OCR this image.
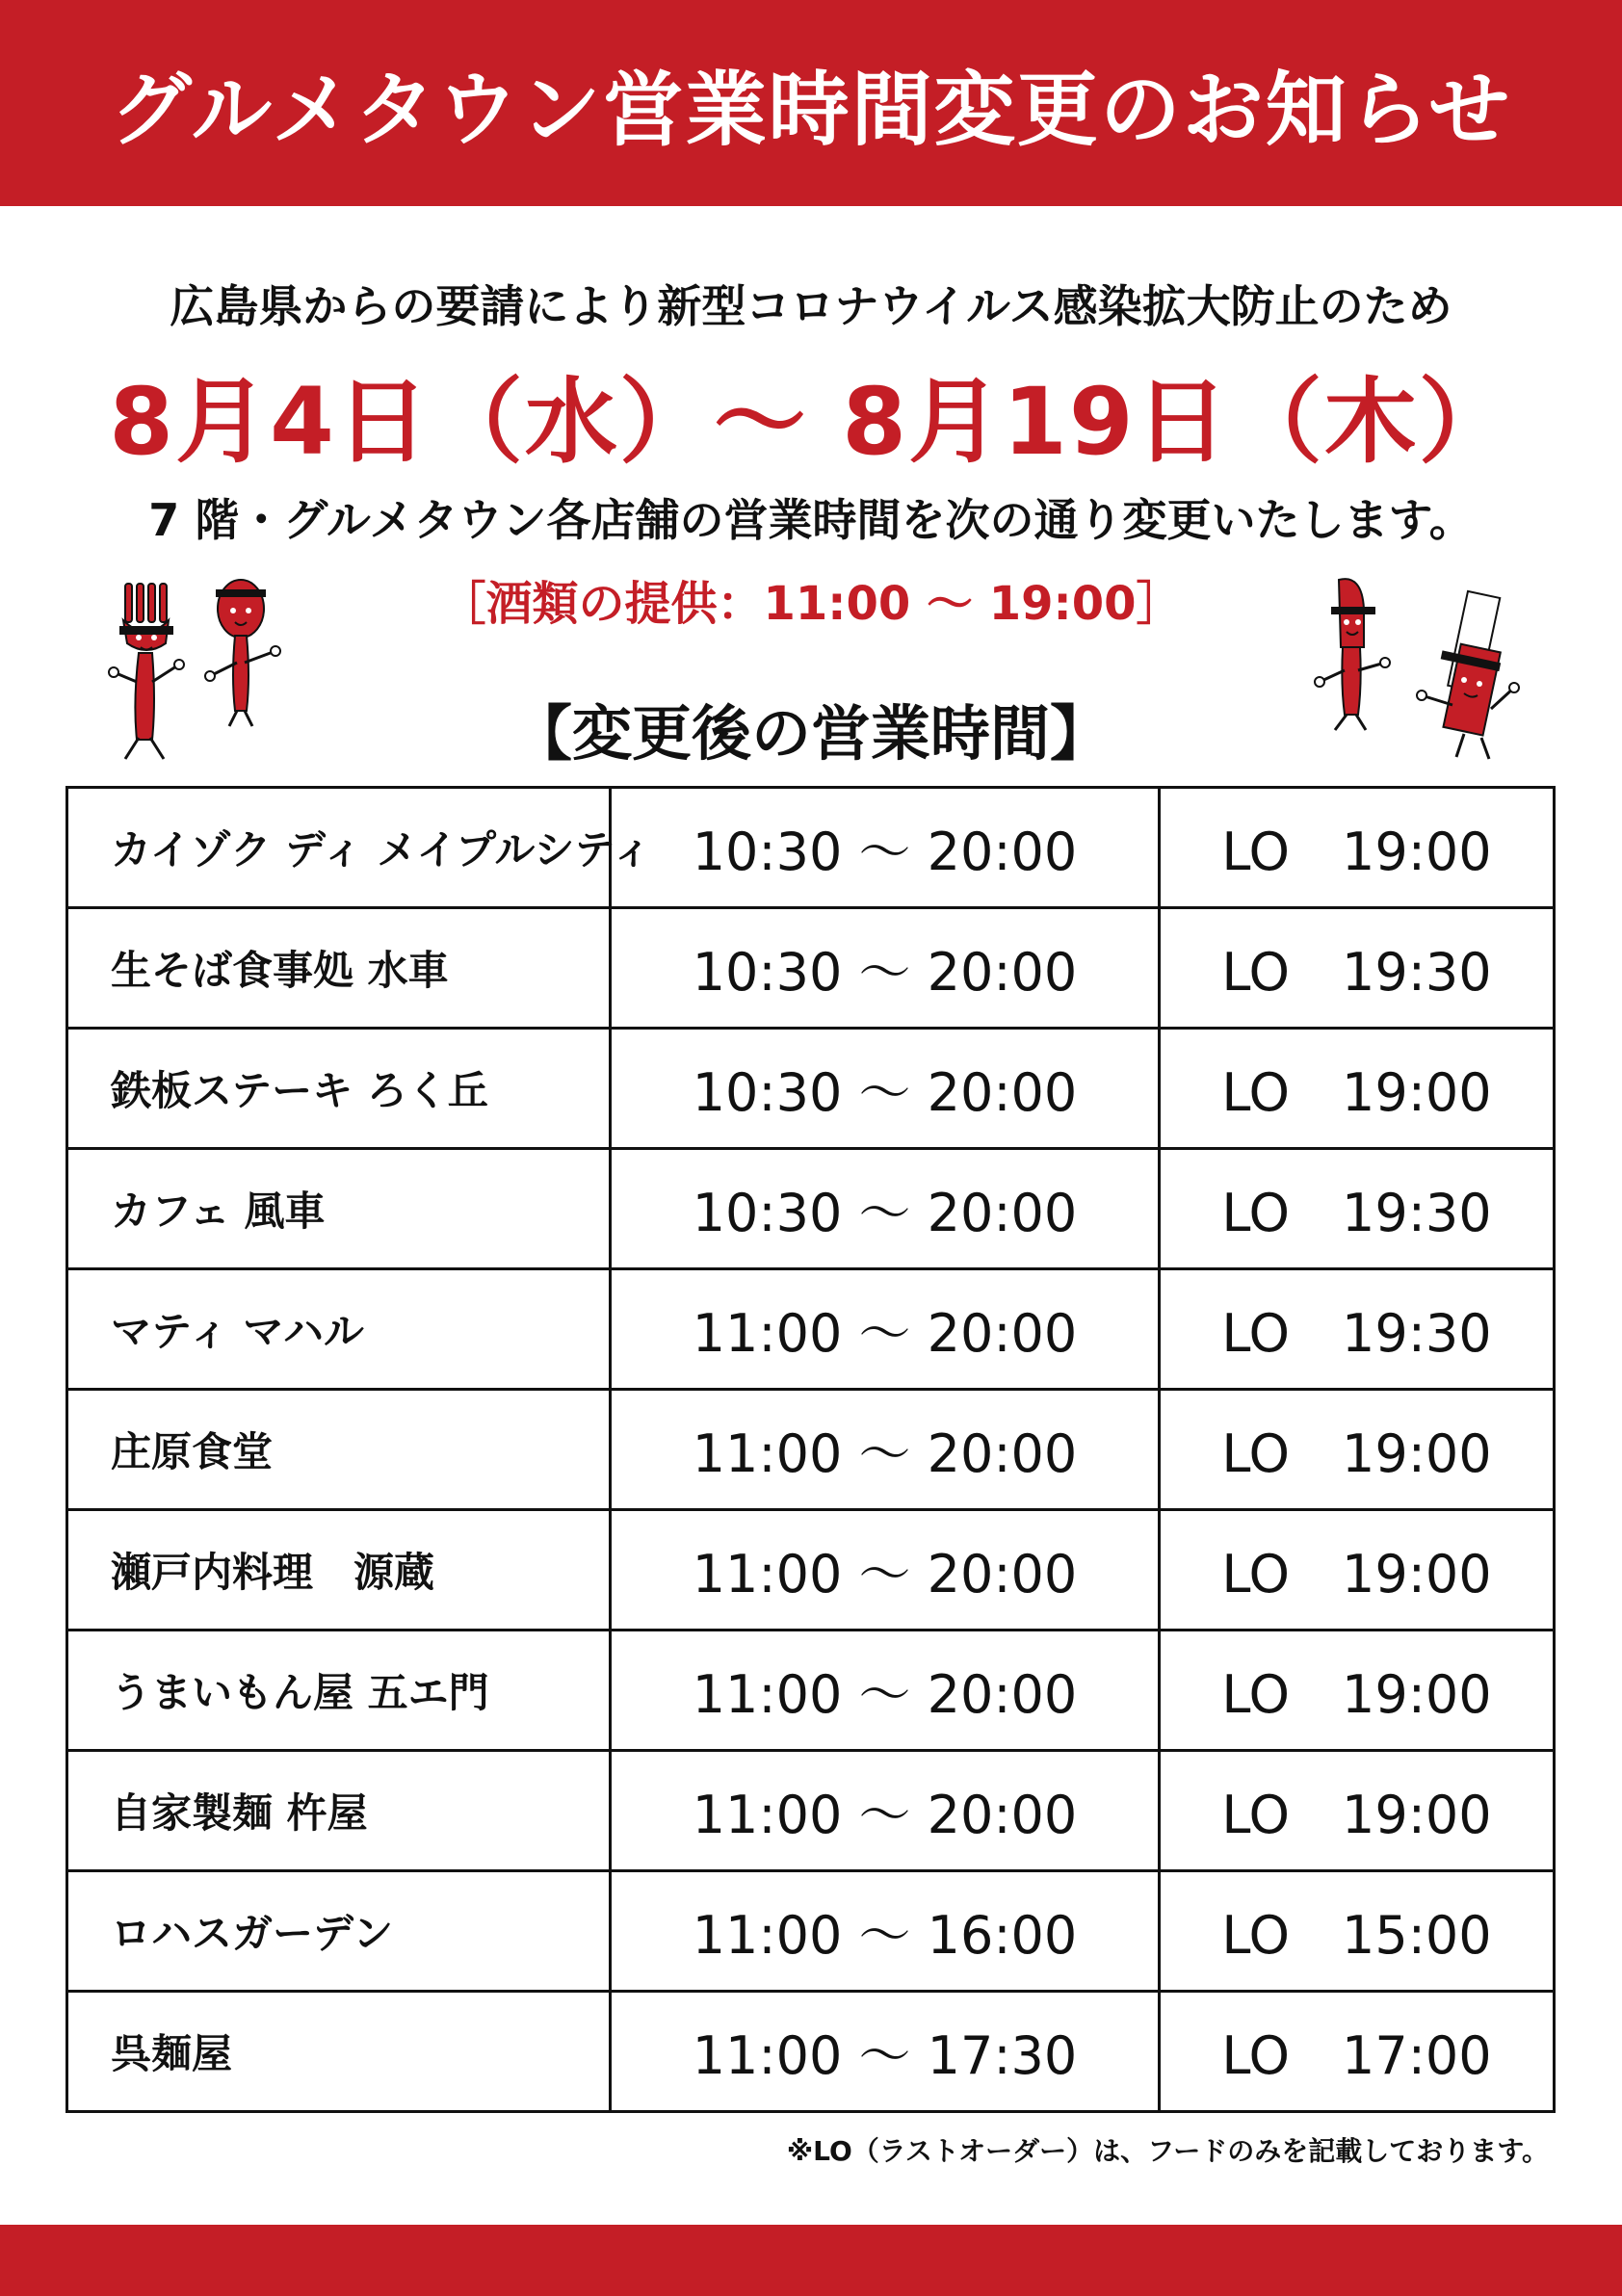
グルメタウン営業時間変更のお知らせ
広島県からの要請により新型コロナウイルス感染拡大防止のため
8月4日（水）～ 8月19日（木）
7 階・グルメタウン各店舗の営業時間を次の通り変更いたします。
［酒類の提供：11:00 ～ 19:00］
【変更後の営業時間】
カイゾク ディ メイプルシティ	10:30 ～ 20:00	LO　19:00
生そば食事処 水車	10:30 ～ 20:00	LO　19:30
鉄板ステーキ ろく丘	10:30 ～ 20:00	LO　19:00
カフェ 風車	10:30 ～ 20:00	LO　19:30
マティ マハル	11:00 ～ 20:00	LO　19:30
庄原食堂	11:00 ～ 20:00	LO　19:00
瀬戸内料理　源蔵	11:00 ～ 20:00	LO　19:00
うまいもん屋 五エ門	11:00 ～ 20:00	LO　19:00
自家製麺 杵屋	11:00 ～ 20:00	LO　19:00
ロハスガーデン	11:00 ～ 16:00	LO　15:00
呉麺屋	11:00 ～ 17:30	LO　17:00
※LO（ラストオーダー）は、フードのみを記載しております。
